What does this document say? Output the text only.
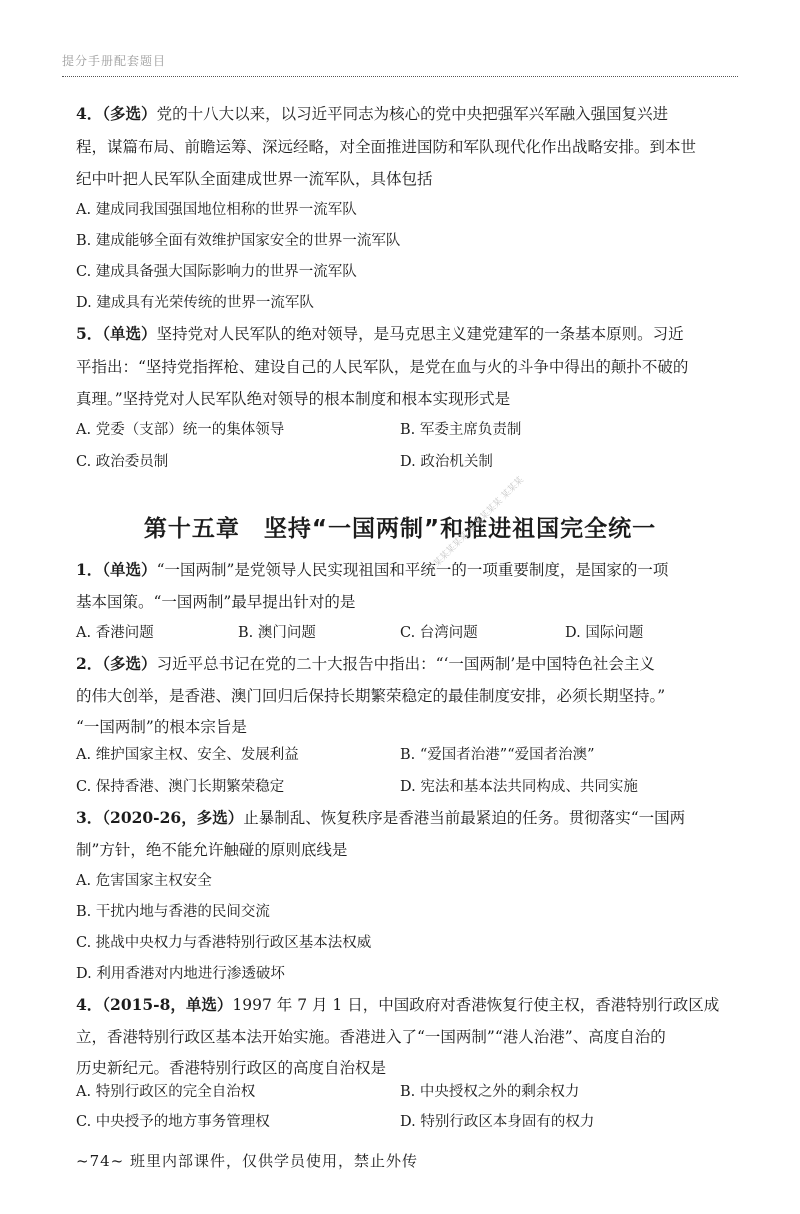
提分手册配套题目
4．（多选）党的十八大以来，以习近平同志为核心的党中央把强军兴军融入强国复兴进
程，谋篇布局、前瞻运筹、深远经略，对全面推进国防和军队现代化作出战略安排。到本世
纪中叶把人民军队全面建成世界一流军队，具体包括
A. 建成同我国强国地位相称的世界一流军队
B. 建成能够全面有效维护国家安全的世界一流军队
C. 建成具备强大国际影响力的世界一流军队
D. 建成具有光荣传统的世界一流军队
5．（单选）坚持党对人民军队的绝对领导，是马克思主义建党建军的一条基本原则。习近
平指出：“坚持党指挥枪、建设自己的人民军队，是党在血与火的斗争中得出的颠扑不破的
真理。”坚持党对人民军队绝对领导的根本制度和根本实现形式是
A. 党委（支部）统一的集体领导	B. 军委主席负责制
C. 政治委员制	D. 政治机关制
第十五章　坚持“一国两制”和推进祖国完全统一
1．（单选）“一国两制”是党领导人民实现祖国和平统一的一项重要制度，是国家的一项
基本国策。“一国两制”最早提出针对的是
A. 香港问题	B. 澳门问题	C. 台湾问题	D. 国际问题
2．（多选）习近平总书记在党的二十大报告中指出：“‘一国两制’是中国特色社会主义
的伟大创举，是香港、澳门回归后保持长期繁荣稳定的最佳制度安排，必须长期坚持。”
“一国两制”的根本宗旨是
A. 维护国家主权、安全、发展利益	B. “爱国者治港”“爱国者治澳”
C. 保持香港、澳门长期繁荣稳定	D. 宪法和基本法共同构成、共同实施
3．（2020-26，多选）止暴制乱、恢复秩序是香港当前最紧迫的任务。贯彻落实“一国两
制”方针，绝不能允许触碰的原则底线是
A. 危害国家主权安全
B. 干扰内地与香港的民间交流
C. 挑战中央权力与香港特别行政区基本法权威
D. 利用香港对内地进行渗透破坏
4．（2015-8，单选）1997 年 7 月 1 日，中国政府对香港恢复行使主权，香港特别行政区成
立，香港特别行政区基本法开始实施。香港进入了“一国两制”“港人治港”、高度自治的
历史新纪元。香港特别行政区的高度自治权是
A. 特别行政区的完全自治权	B. 中央授权之外的剩余权力
C. 中央授予的地方事务管理权	D. 特别行政区本身固有的权力
~74~ 班里内部课件，仅供学员使用，禁止外传
某某某某某 某某某某某 某某某
